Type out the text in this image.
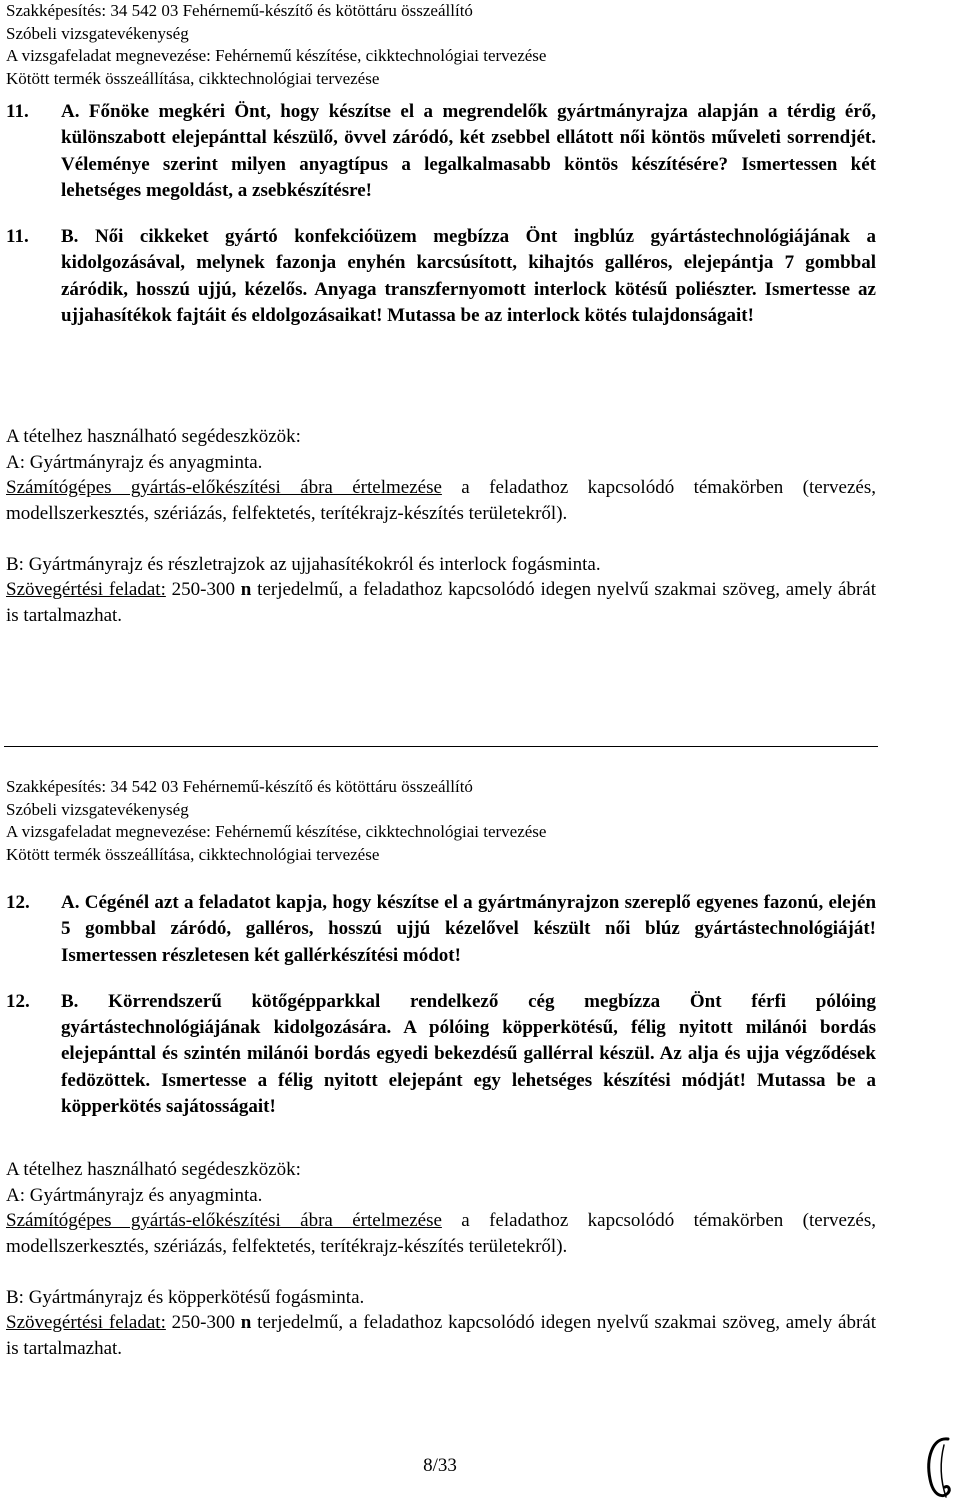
Szakképesítés: 34 542 03 Fehérnemű-készítő és kötöttáru összeállító
Szóbeli vizsgatevékenység
A vizsgafeladat megnevezése: Fehérnemű készítése, cikktechnológiai tervezése
Kötött termék összeállítása, cikktechnológiai tervezése
11.	A. Főnöke megkéri Önt, hogy készítse el a megrendelők gyártmányrajza alapján a térdig érő, különszabott elejepánttal készülő, övvel záródó, két zsebbel ellátott női köntös műveleti sorrendjét. Véleménye szerint milyen anyagtípus a legalkalmasabb köntös készítésére? Ismertessen két lehetséges megoldást, a zsebkészítésre!
11.	B. Női cikkeket gyártó konfekcióüzem megbízza Önt ingblúz gyártástechnológiájának a kidolgozásával, melynek fazonja enyhén karcsúsított, kihajtós galléros, elejepántja 7 gombbal záródik, hosszú ujjú, kézelős. Anyaga transzfernyomott interlock kötésű poliészter. Ismertesse az ujjahasítékok fajtáit és eldolgozásaikat! Mutassa be az interlock kötés tulajdonságait!
A tételhez használható segédeszközök:
A: Gyártmányrajz és anyagminta.
Számítógépes gyártás-előkészítési ábra értelmezése a feladathoz kapcsolódó témakörben (tervezés, modellszerkesztés, szériázás, felfektetés, terítékrajz-készítés területekről).
B: Gyártmányrajz és részletrajzok az ujjahasítékokról és interlock fogásminta.
Szövegértési feladat: 250-300 n terjedelmű, a feladathoz kapcsolódó idegen nyelvű szakmai szöveg, amely ábrát is tartalmazhat.
Szakképesítés: 34 542 03 Fehérnemű-készítő és kötöttáru összeállító
Szóbeli vizsgatevékenység
A vizsgafeladat megnevezése: Fehérnemű készítése, cikktechnológiai tervezése
Kötött termék összeállítása, cikktechnológiai tervezése
12.	A. Cégénél azt a feladatot kapja, hogy készítse el a gyártmányrajzon szereplő egyenes fazonú, elején 5 gombbal záródó, galléros, hosszú ujjú kézelővel készült női blúz gyártástechnológiáját! Ismertessen részletesen két gallérkészítési módot!
12.	B. Körrendszerű kötőgépparkkal rendelkező cég megbízza Önt férfi pólóing gyártástechnológiájának kidolgozására. A pólóing köpperkötésű, félig nyitott milánói bordás elejepánttal és szintén milánói bordás egyedi bekezdésű gallérral készül. Az alja és ujja végződések fedözöttek. Ismertesse a félig nyitott elejepánt egy lehetséges készítési módját! Mutassa be a köpperkötés sajátosságait!
A tételhez használható segédeszközök:
A: Gyártmányrajz és anyagminta.
Számítógépes gyártás-előkészítési ábra értelmezése a feladathoz kapcsolódó témakörben (tervezés, modellszerkesztés, szériázás, felfektetés, terítékrajz-készítés területekről).
B: Gyártmányrajz és köpperkötésű fogásminta.
Szövegértési feladat: 250-300 n terjedelmű, a feladathoz kapcsolódó idegen nyelvű szakmai szöveg, amely ábrát is tartalmazhat.
8/33
